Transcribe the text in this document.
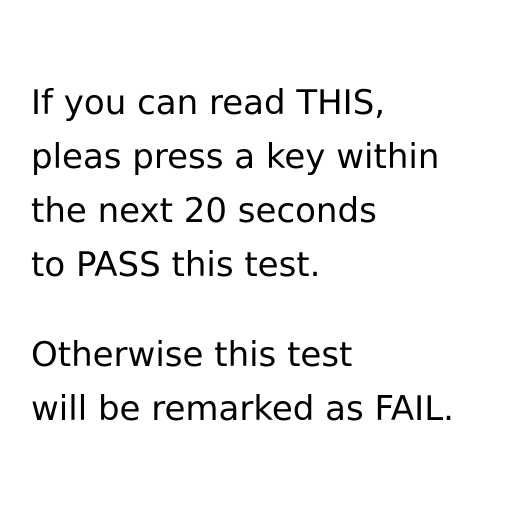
If you can read THIS,
pleas press a key within
the next 20 seconds
to PASS this test.
Otherwise this test
will be remarked as FAIL.
